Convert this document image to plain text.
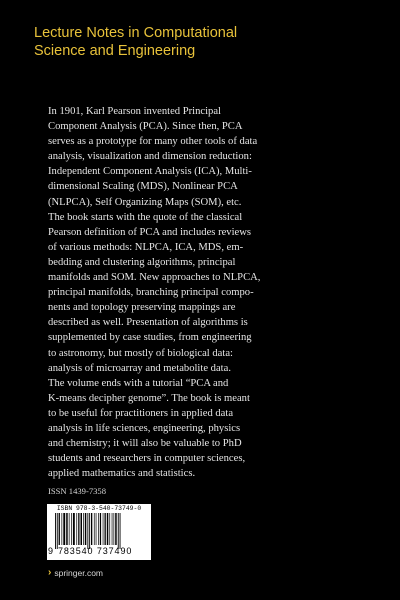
Lecture Notes in Computational
Science and Engineering
In 1901, Karl Pearson invented Principal
Component Analysis (PCA). Since then, PCA
serves as a prototype for many other tools of data
analysis, visualization and dimension reduction:
Independent Component Analysis (ICA), Multi-
dimensional Scaling (MDS), Nonlinear PCA
(NLPCA), Self Organizing Maps (SOM), etc.
The book starts with the quote of the classical
Pearson definition of PCA and includes reviews
of various methods: NLPCA, ICA, MDS, em-
bedding and clustering algorithms, principal
manifolds and SOM. New approaches to NLPCA,
principal manifolds, branching principal compo-
nents and topology preserving mappings are
described as well. Presentation of algorithms is
supplemented by case studies, from engineering
to astronomy, but mostly of biological data:
analysis of microarray and metabolite data.
The volume ends with a tutorial “PCA and
K-means decipher genome”. The book is meant
to be useful for practitioners in applied data
analysis in life sciences, engineering, physics
and chemistry; it will also be valuable to PhD
students and researchers in computer sciences,
applied mathematics and statistics.
ISSN 1439-7358
ISBN 978-3-540-73749-0
9 783540 737490
› springer.com
